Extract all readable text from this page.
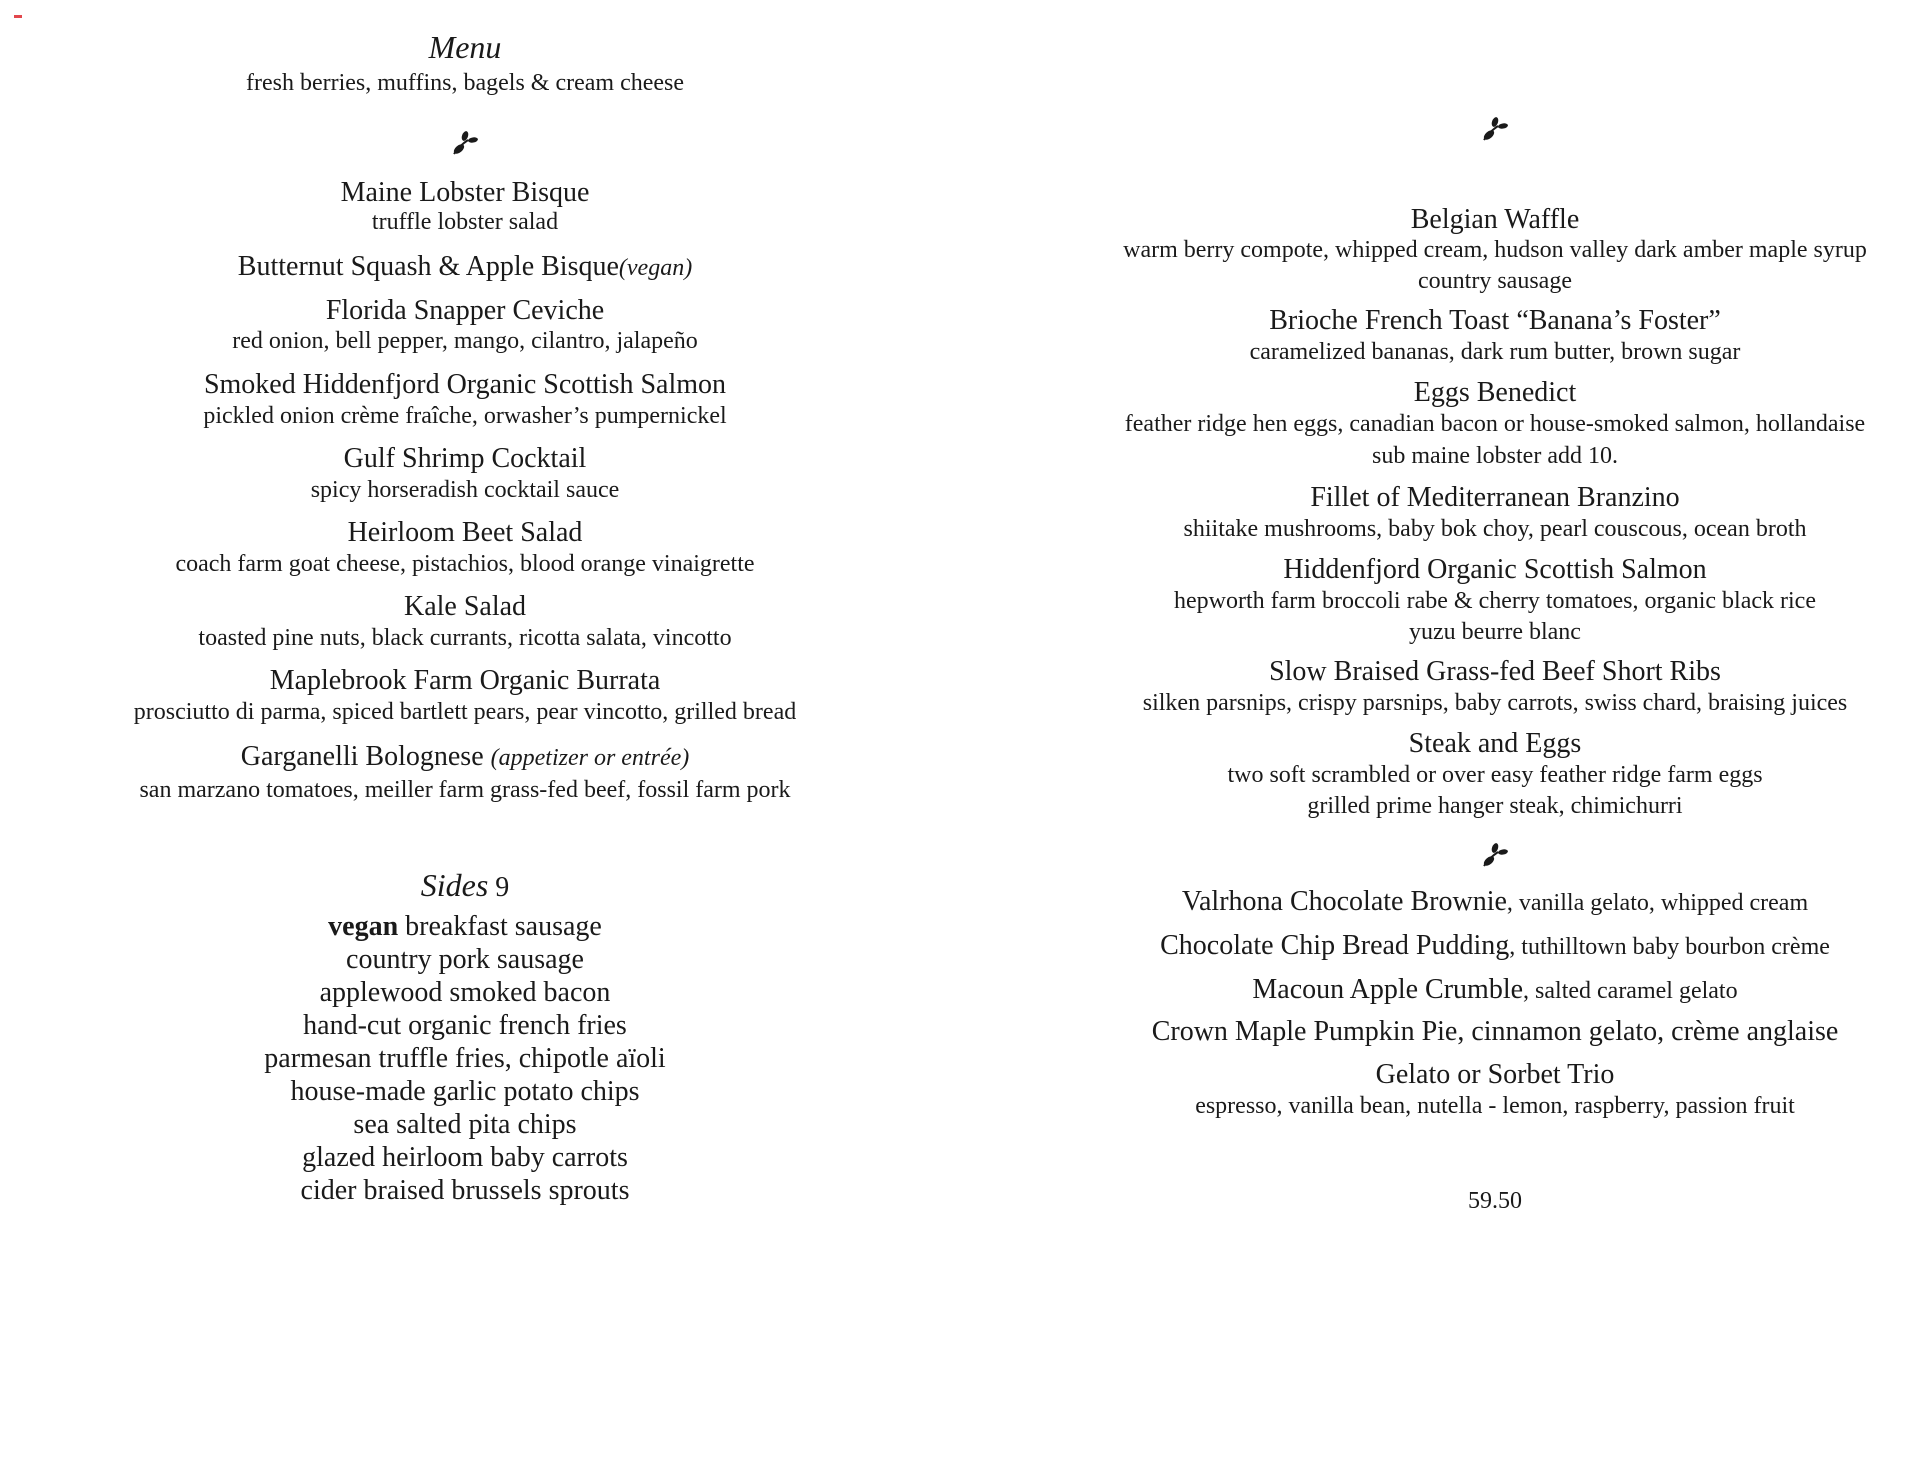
Menu
fresh berries, muffins, bagels & cream cheese
Maine Lobster Bisque
truffle lobster salad
Butternut Squash & Apple Bisque(vegan)
Florida Snapper Ceviche
red onion, bell pepper, mango, cilantro, jalapeño
Smoked Hiddenfjord Organic Scottish Salmon
pickled onion crème fraîche, orwasher’s pumpernickel
Gulf Shrimp Cocktail
spicy horseradish cocktail sauce
Heirloom Beet Salad
coach farm goat cheese, pistachios, blood orange vinaigrette
Kale Salad
toasted pine nuts, black currants, ricotta salata, vincotto
Maplebrook Farm Organic Burrata
prosciutto di parma, spiced bartlett pears, pear vincotto, grilled bread
Garganelli Bolognese (appetizer or entrée)
san marzano tomatoes, meiller farm grass-fed beef, fossil farm pork
Sides 9
vegan breakfast sausage
country pork sausage
applewood smoked bacon
hand-cut organic french fries
parmesan truffle fries, chipotle aïoli
house-made garlic potato chips
sea salted pita chips
glazed heirloom baby carrots
cider braised brussels sprouts
Belgian Waffle
warm berry compote, whipped cream, hudson valley dark amber maple syrup
country sausage
Brioche French Toast “Banana’s Foster”
caramelized bananas, dark rum butter, brown sugar
Eggs Benedict
feather ridge hen eggs, canadian bacon or house-smoked salmon, hollandaise
sub maine lobster add 10.
Fillet of Mediterranean Branzino
shiitake mushrooms, baby bok choy, pearl couscous, ocean broth
Hiddenfjord Organic Scottish Salmon
hepworth farm broccoli rabe & cherry tomatoes, organic black rice
yuzu beurre blanc
Slow Braised Grass-fed Beef Short Ribs
silken parsnips, crispy parsnips, baby carrots, swiss chard, braising juices
Steak and Eggs
two soft scrambled or over easy feather ridge farm eggs
grilled prime hanger steak, chimichurri
Valrhona Chocolate Brownie, vanilla gelato, whipped cream
Chocolate Chip Bread Pudding, tuthilltown baby bourbon crème
Macoun Apple Crumble, salted caramel gelato
Crown Maple Pumpkin Pie, cinnamon gelato, crème anglaise
Gelato or Sorbet Trio
espresso, vanilla bean, nutella - lemon, raspberry, passion fruit
59.50
